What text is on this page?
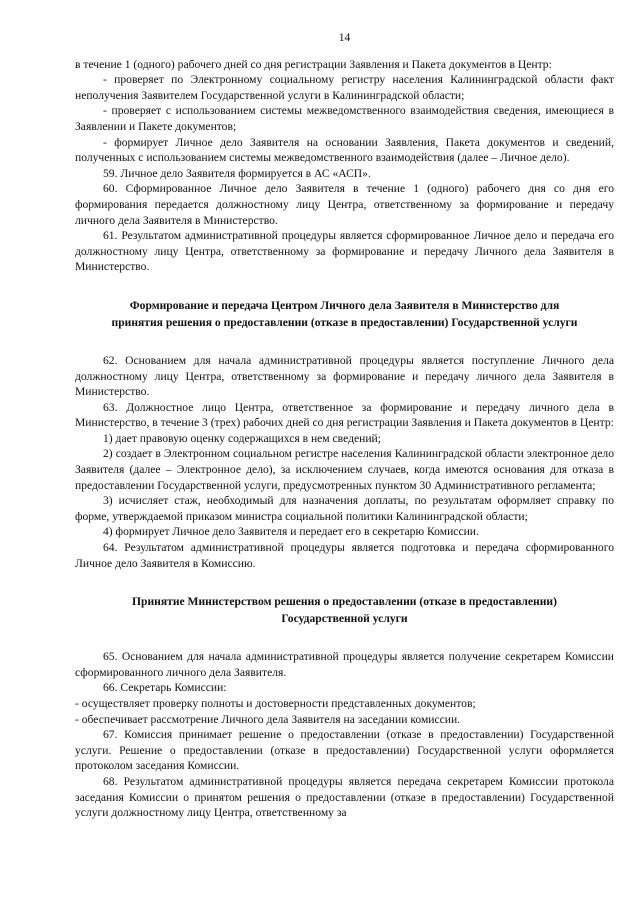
14

в течение 1 (одного) рабочего дней со дня регистрации Заявления и Пакета документов в Центр:

- проверяет по Электронному социальному регистру населения Калининградской области факт неполучения Заявителем Государственной услуги в Калининградской области;

- проверяет с использованием системы межведомственного взаимодействия сведения, имеющиеся в Заявлении и Пакете документов;

- формирует Личное дело Заявителя на основании Заявления, Пакета документов и сведений, полученных с использованием системы межведомственного взаимодействия (далее – Личное дело).

59. Личное дело Заявителя формируется в АС «АСП».

60. Сформированное Личное дело Заявителя в течение 1 (одного) рабочего дня со дня его формирования передается должностному лицу Центра, ответственному за формирование и передачу личного дела Заявителя в Министерство.

61. Результатом административной процедуры является сформированное Личное дело и передача его должностному лицу Центра, ответственному за формирование и передачу Личного дела Заявителя в Министерство.

Формирование и передача Центром Личного дела Заявителя в Министерство для
принятия решения о предоставлении (отказе в предоставлении) Государственной услуги

62. Основанием для начала административной процедуры является поступление Личного дела должностному лицу Центра, ответственному за формирование и передачу личного дела Заявителя в Министерство.

63. Должностное лицо Центра, ответственное за формирование и передачу личного дела в Министерство, в течение 3 (трех) рабочих дней со дня регистрации Заявления и Пакета документов в Центр:

1) дает правовую оценку содержащихся в нем сведений;

2) создает в Электронном социальном регистре населения Калининградской области электронное дело Заявителя (далее – Электронное дело), за исключением случаев, когда имеются основания для отказа в предоставлении Государственной услуги, предусмотренных пунктом 30 Административного регламента;

3) исчисляет стаж, необходимый для назначения доплаты, по результатам оформляет справку по форме, утверждаемой приказом министра социальной политики Калининградской области;

4) формирует Личное дело Заявителя и передает его в секретарю Комиссии.

64. Результатом административной процедуры является подготовка и передача сформированного Личное дело Заявителя в Комиссию.

Принятие Министерством решения о предоставлении (отказе в предоставлении)
Государственной услуги

65. Основанием для начала административной процедуры является получение секретарем Комиссии сформированного личного дела Заявителя.

66. Секретарь Комиссии:

- осуществляет проверку полноты и достоверности представленных документов;

- обеспечивает рассмотрение Личного дела Заявителя на заседании комиссии.

67. Комиссия принимает решение о предоставлении (отказе в предоставлении) Государственной услуги. Решение о предоставлении (отказе в предоставлении) Государственной услуги оформляется протоколом заседания Комиссии.

68. Результатом административной процедуры является передача секретарем Комиссии протокола заседания Комиссии о принятом решения о предоставлении (отказе в предоставлении) Государственной услуги должностному лицу Центра, ответственному за
